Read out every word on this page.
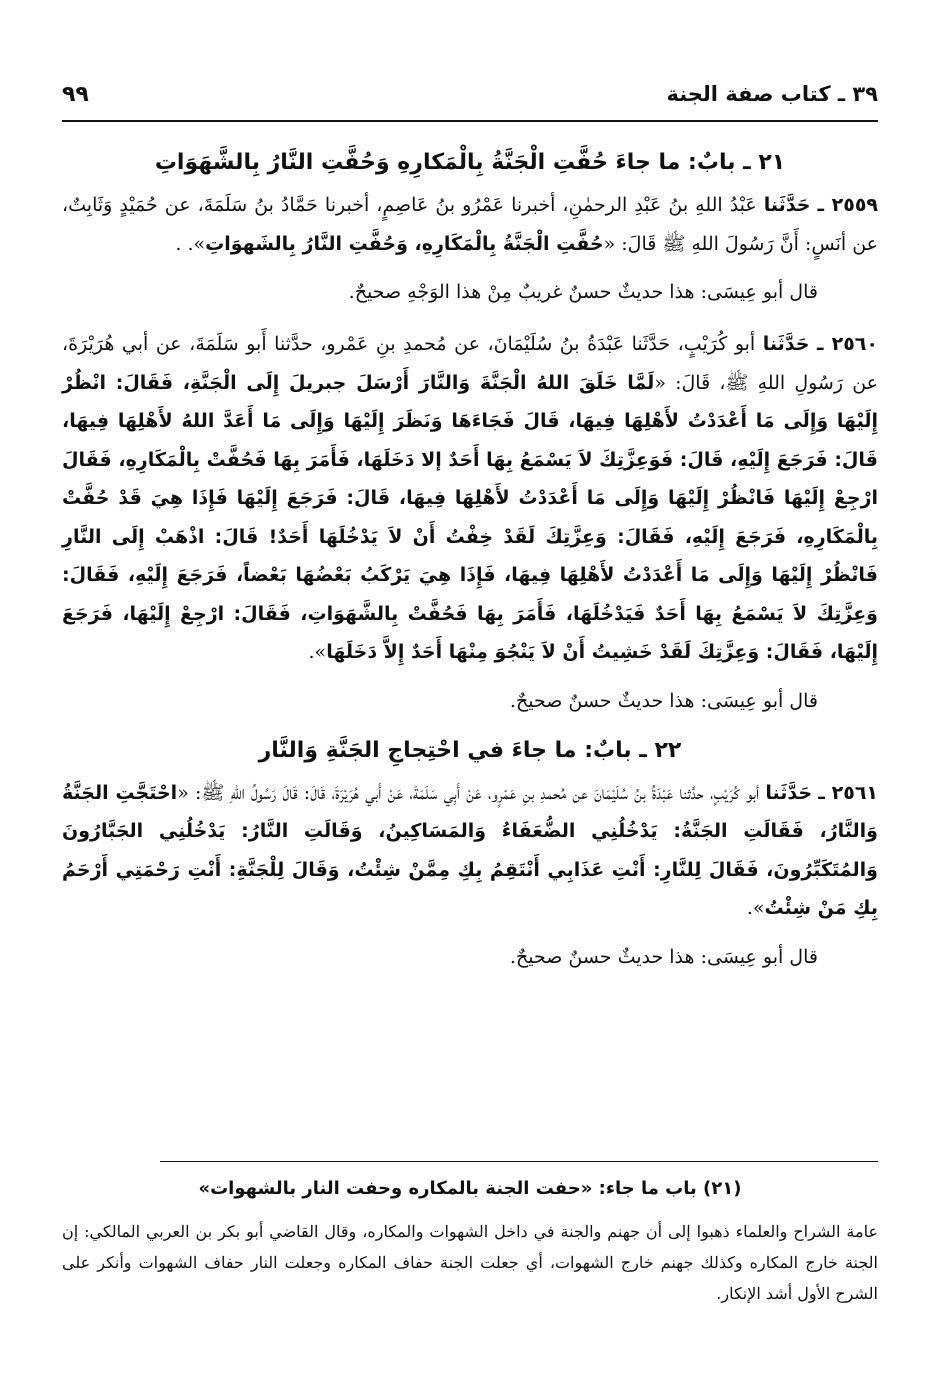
٣٩ ـ كتاب صفة الجنة
٩٩
٢١ ـ بابٌ: ما جاءَ حُفَّتِ الْجَنَّةُ بِالْمَكارِهِ وَحُفَّتِ النَّارُ بِالشَّهَوَاتِ

٢٥٥٩ ـ حَدَّثَنا عَبْدُ اللهِ بنُ عَبْدِ الرحمٰنِ، أخبرنا عَمْرُو بنُ عَاصِمٍ، أخبرنا حَمَّادُ بنُ سَلَمَةَ، عن حُمَيْدٍ وَثَابِتٌ، عن أنَسٍ: أَنَّ رَسُولَ اللهِ ﷺ قَالَ: «حُفَّتِ الْجَنَّةُ بِالْمَكَارِهِ، وَحُفَّتِ النَّارُ بِالشَهوَاتِ». .

قال أبو عِيسَى: هذا حديثٌ حسنٌ غريبٌ مِنْ هذا الوَجْهِ صحيحٌ.

٢٥٦٠ ـ حَدَّثَنا أبو كُرَيْبٍ، حَدَّثَنا عَبْدَةُ بنُ سُلَيْمَانَ، عن مُحمدِ بنِ عَمْرو، حدَّثنا أَبو سَلَمَةَ، عن أبي هُرَيْرَةَ، عن رَسُولِ اللهِ ﷺ، قَالَ: «لَمَّا خَلَقَ اللهُ الْجَنَّةَ وَالنَّارَ أَرْسَلَ جبريلَ إِلَى الْجَنَّةِ، فَقَالَ: انْظُرْ إِلَيْهَا وَإِلَى مَا أَعْدَدْتُ لأَهْلِهَا فِيهَا، قَالَ فَجَاءَهَا وَنَظَرَ إِلَيْهَا وَإِلَى مَا أَعَدَّ اللهُ لأَهْلِهَا فِيهَا، قَالَ: فَرَجَعَ إِلَيْهِ، قَالَ: فَوَعِزَّتِكَ لاَ يَسْمَعُ بِهَا أَحَدٌ إلا دَخَلَهَا، فَأَمَرَ بِهَا فَحُفَّتْ بِالْمَكَارِهِ، فَقَالَ ارْجِعْ إِلَيْهَا فَانْظُرْ إِلَيْهَا وَإِلَى مَا أَعْدَدْتُ لأَهْلِهَا فِيهَا، قَالَ: فَرَجَعَ إِلَيْهَا فَإِذَا هِيَ قَدْ حُفَّتْ بِالْمَكَارِهِ، فَرَجَعَ إِلَيْهِ، فَقَالَ: وَعِزَّتِكَ لَقَدْ خِفْتُ أَنْ لاَ يَدْخُلَهَا أَحَدٌ! قَالَ: اذْهَبْ إِلَى النَّارِ فَانْظُرْ إِلَيْهَا وَإِلَى مَا أَعْدَدْتُ لأَهْلِهَا فِيهَا، فَإِذَا هِيَ يَرْكَبُ بَعْضُهَا بَعْضاً، فَرَجَعَ إِلَيْهِ، فَقَالَ: وَعِزَّتِكَ لاَ يَسْمَعُ بِهَا أَحَدٌ فَيَدْخُلَهَا، فَأَمَرَ بِهَا فَحُفَّتْ بِالشَّهَوَاتِ، فَقَالَ: ارْجِعْ إِلَيْهَا، فَرَجَعَ إِلَيْهَا، فَقَالَ: وَعِزَّتِكَ لَقَدْ خَشِيتُ أَنْ لاَ يَنْجُوَ مِنْهَا أَحَدٌ إِلاَّ دَخَلَهَا».

قال أبو عِيسَى: هذا حديثٌ حسنٌ صحيحٌ.

٢٢ ـ بابٌ: ما جاءَ في احْتِجاجِ الجَنَّةِ وَالنَّار

٢٥٦١ ـ حَدَّثَنا أبو كُرَيْبٍ، حدَّثنا عَبْدَةُ بنُ سُلَيْمَانَ عن مُحمدِ بنِ عَمْرٍو، عَنْ أَبِي سَلَمَةَ، عَنْ أَبي هُرَيْرَةَ، قَالَ: قَالَ رَسُولُ اللهِ ﷺ: «احْتَجَّتِ الجَنَّةُ وَالنَّارُ، فَقَالَتِ الجَنَّةُ: يَدْخُلُنِي الضُّعَفَاءُ وَالمَسَاكِينُ، وَقَالَتِ النَّارُ: يَدْخُلُنِي الجَبَّارُونَ وَالمُتَكَبِّرُونَ، فَقَالَ لِلنَّارِ: أَنْتِ عَذَابِي أَنْتَقِمُ بِكِ مِمَّنْ شِئْتُ، وَقَالَ لِلْجَنَّةِ: أَنْتِ رَحْمَتِي أَرْحَمُ بِكِ مَنْ شِئْتُ».

قال أبو عِيسَى: هذا حديثٌ حسنٌ صحيحٌ.

(٢١) باب ما جاء: «حفت الجنة بالمكاره وحفت النار بالشهوات»

عامة الشراح والعلماء ذهبوا إلى أن جهنم والجنة في داخل الشهوات والمكاره، وقال القاضي أبو بكر بن العربي المالكي: إن الجنة خارج المكاره وكذلك جهنم خارج الشهوات، أي جعلت الجنة حفاف المكاره وجعلت النار حفاف الشهوات وأنكر على الشرح الأول أشد الإنكار.
